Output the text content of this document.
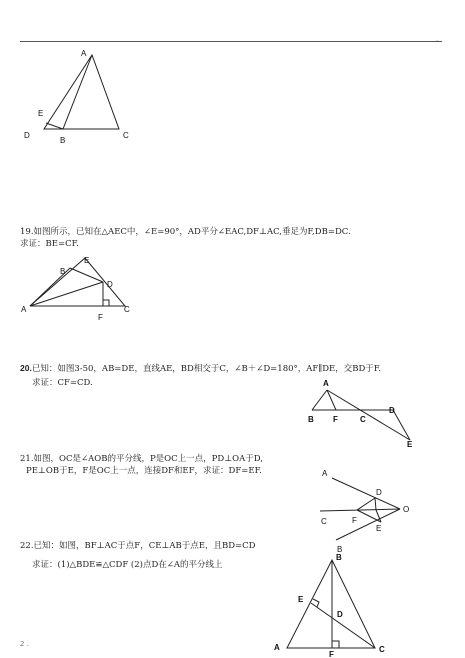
.
A
E
D
B
C
19.如图所示，已知在△AEC中，∠E=90°，AD平分∠EAC,DF⊥AC,垂足为F,DB=DC.
求证：BE=CF.
E
B
D
A	C
F
20.已知：如图3-50，AB=DE，直线AE，BD相交于C，∠B＋∠D=180°，AF∥DE，交BD于F.
求证：CF=CD.	A
B F	C
D
E
21.如图，OC是∠AOB的平分线，P是OC上一点，PD⊥OA于D,
PE⊥OB于E，F是OC上一点，连接DF和EF，求证：DF=EF.	A
D
O
C	F
E
B
22.已知：如图，BF⊥AC于点F，CE⊥AB于点E，且BD=CD
求证：(1)△BDE≌△CDF (2)点D在∠A的平分线上
B
E
D
A
F
C
2 .
